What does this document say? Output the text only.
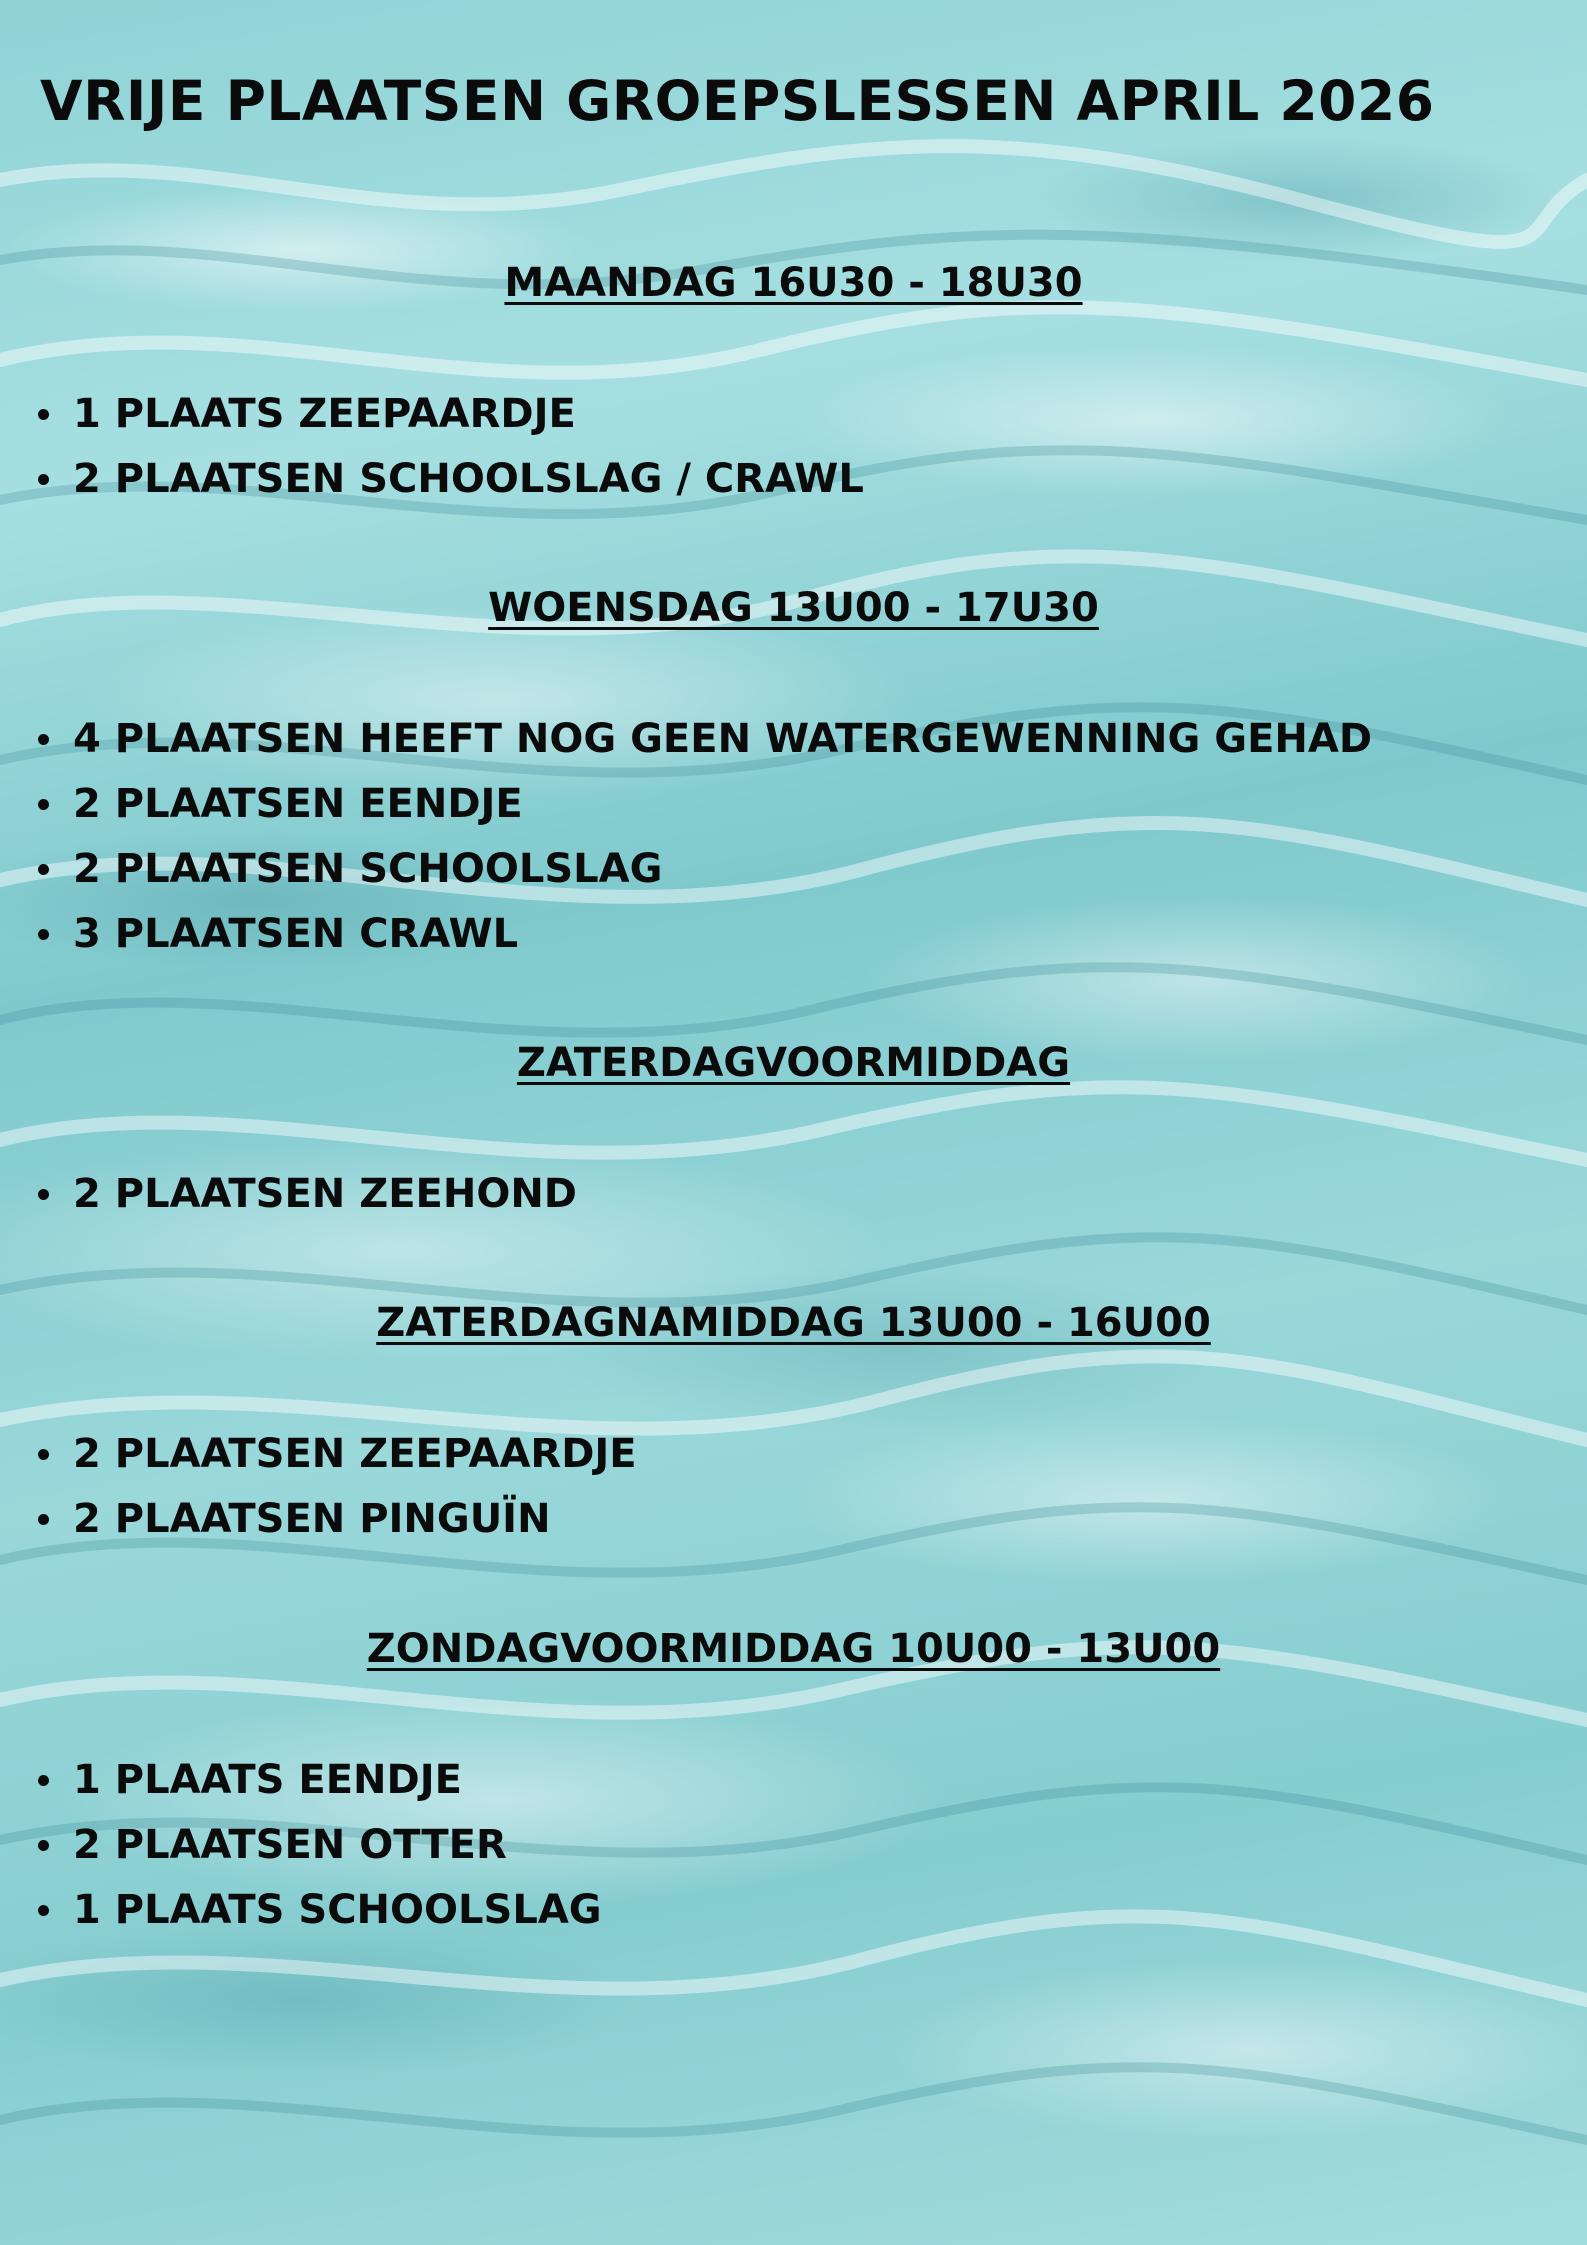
VRIJE PLAATSEN GROEPSLESSEN APRIL 2026
MAANDAG 16U30 - 18U30
1 PLAATS ZEEPAARDJE
2 PLAATSEN SCHOOLSLAG / CRAWL
WOENSDAG 13U00 - 17U30
4 PLAATSEN HEEFT NOG GEEN WATERGEWENNING GEHAD
2 PLAATSEN EENDJE
2 PLAATSEN SCHOOLSLAG
3 PLAATSEN CRAWL
ZATERDAGVOORMIDDAG
2 PLAATSEN ZEEHOND
ZATERDAGNAMIDDAG 13U00 - 16U00
2 PLAATSEN ZEEPAARDJE
2 PLAATSEN PINGUÏN
ZONDAGVOORMIDDAG 10U00 - 13U00
1 PLAATS EENDJE
2 PLAATSEN OTTER
1 PLAATS SCHOOLSLAG
